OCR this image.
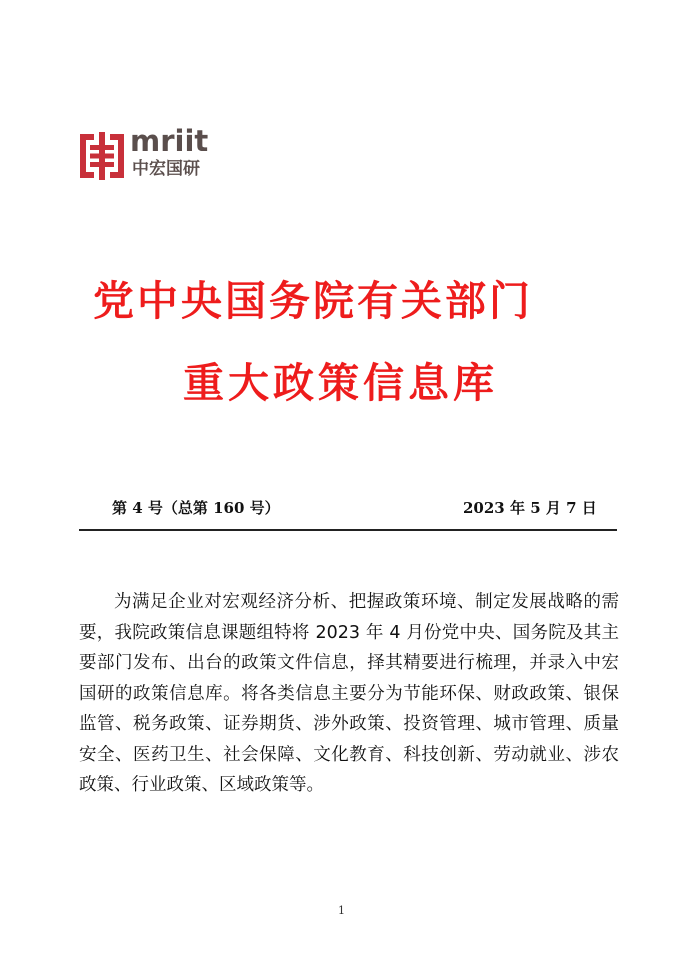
mriit
中宏国研
党中央国务院有关部门
重大政策信息库
第 4 号（总第 160 号）	2023 年 5 月 7 日

为满足企业对宏观经济分析、把握政策环境、制定发展战略的需要，我院政策信息课题组特将 2023 年 4 月份党中央、国务院及其主要部门发布、出台的政策文件信息，择其精要进行梳理，并录入中宏国研的政策信息库。将各类信息主要分为节能环保、财政政策、银保监管、税务政策、证券期货、涉外政策、投资管理、城市管理、质量安全、医药卫生、社会保障、文化教育、科技创新、劳动就业、涉农政策、行业政策、区域政策等。

1
